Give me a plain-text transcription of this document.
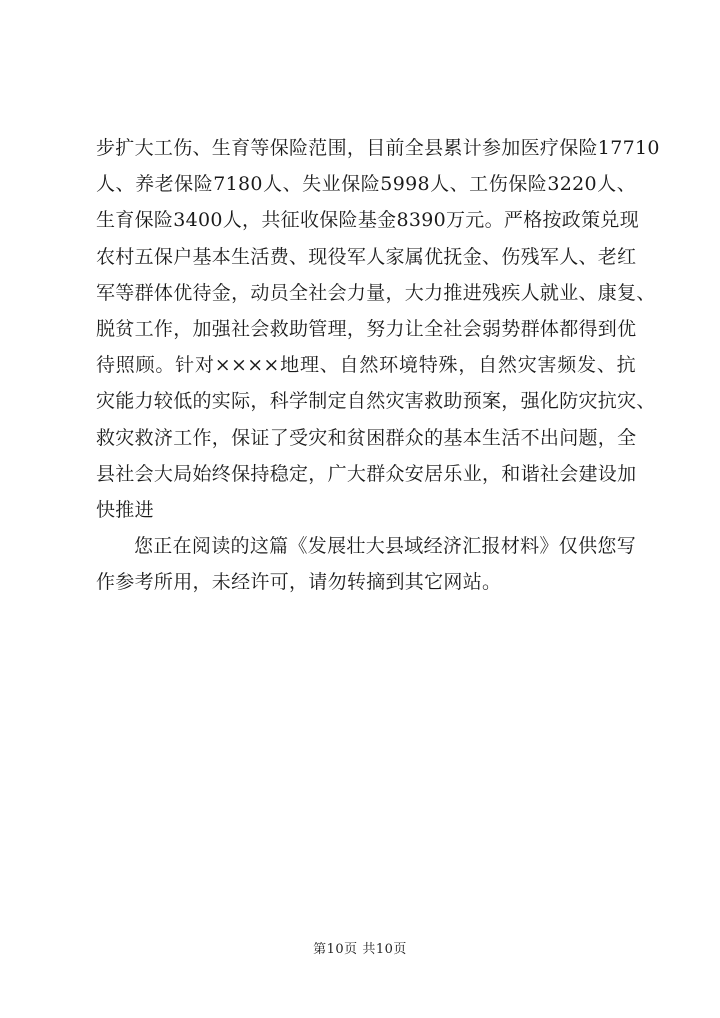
步扩大工伤、生育等保险范围，目前全县累计参加医疗保险17710
人、养老保险7180人、失业保险5998人、工伤保险3220人、
生育保险3400人，共征收保险基金8390万元。严格按政策兑现
农村五保户基本生活费、现役军人家属优抚金、伤残军人、老红
军等群体优待金，动员全社会力量，大力推进残疾人就业、康复、
脱贫工作，加强社会救助管理，努力让全社会弱势群体都得到优
待照顾。针对××××地理、自然环境特殊，自然灾害频发、抗
灾能力较低的实际，科学制定自然灾害救助预案，强化防灾抗灾、
救灾救济工作，保证了受灾和贫困群众的基本生活不出问题，全
县社会大局始终保持稳定，广大群众安居乐业，和谐社会建设加
快推进
您正在阅读的这篇《发展壮大县域经济汇报材料》仅供您写
作参考所用，未经许可，请勿转摘到其它网站。
第10页 共10页
